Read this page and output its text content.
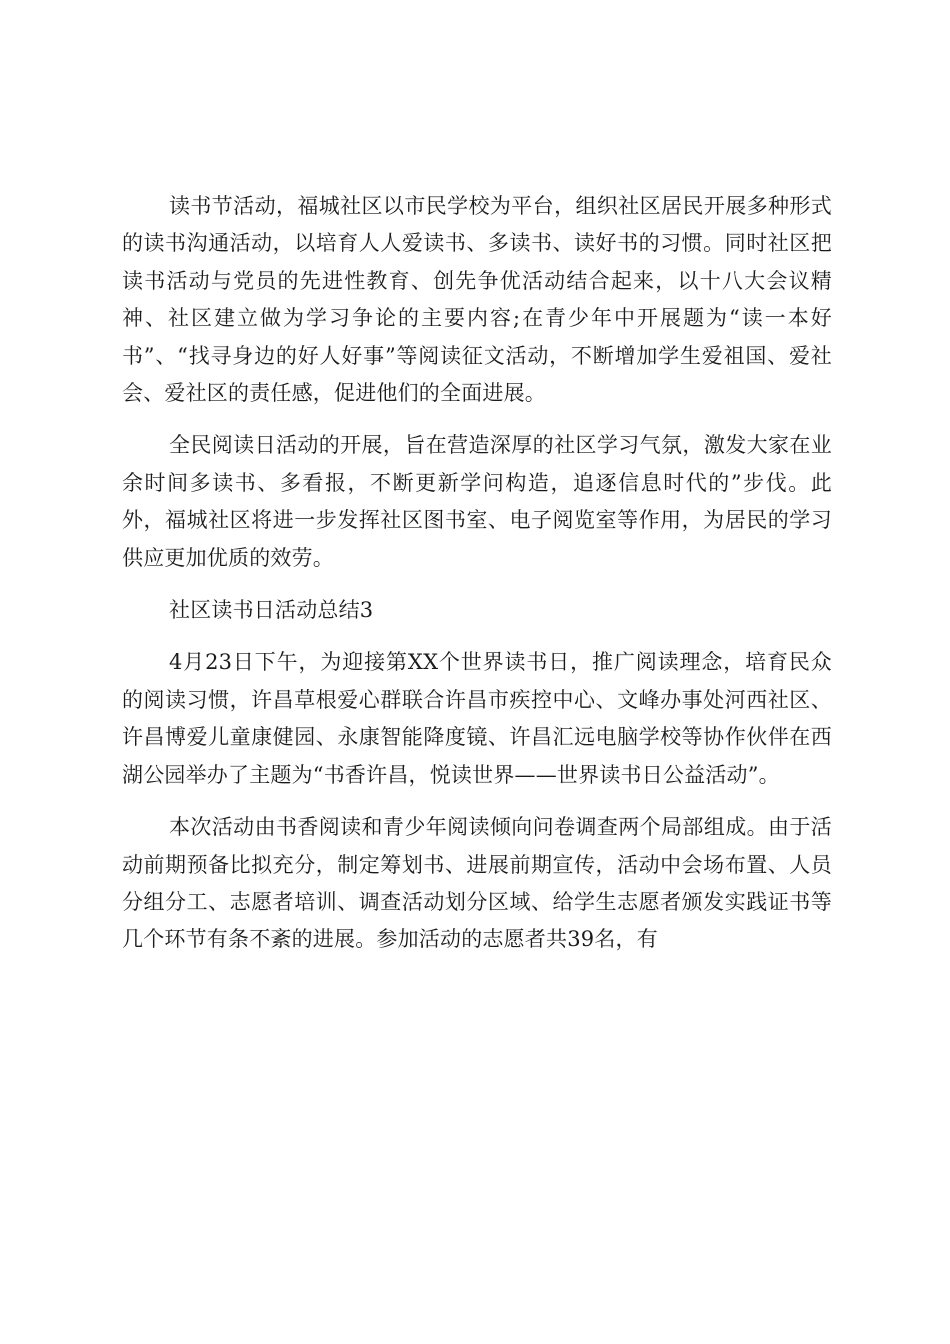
读书节活动，福城社区以市民学校为平台，组织社区居民开展多种形式的读书沟通活动，以培育人人爱读书、多读书、读好书的习惯。同时社区把读书活动与党员的先进性教育、创先争优活动结合起来，以十八大会议精神、社区建立做为学习争论的主要内容;在青少年中开展题为“读一本好书”、“找寻身边的好人好事”等阅读征文活动，不断增加学生爱祖国、爱社会、爱社区的责任感，促进他们的全面进展。

全民阅读日活动的开展，旨在营造深厚的社区学习气氛，激发大家在业余时间多读书、多看报，不断更新学问构造，追逐信息时代的”步伐。此外，福城社区将进一步发挥社区图书室、电子阅览室等作用，为居民的学习供应更加优质的效劳。

社区读书日活动总结3

4月23日下午，为迎接第XX个世界读书日，推广阅读理念，培育民众的阅读习惯，许昌草根爱心群联合许昌市疾控中心、文峰办事处河西社区、许昌博爱儿童康健园、永康智能降度镜、许昌汇远电脑学校等协作伙伴在西湖公园举办了主题为“书香许昌，悦读世界——世界读书日公益活动”。

本次活动由书香阅读和青少年阅读倾向问卷调查两个局部组成。由于活动前期预备比拟充分，制定筹划书、进展前期宣传，活动中会场布置、人员分组分工、志愿者培训、调查活动划分区域、给学生志愿者颁发实践证书等几个环节有条不紊的进展。参加活动的志愿者共39名，有
